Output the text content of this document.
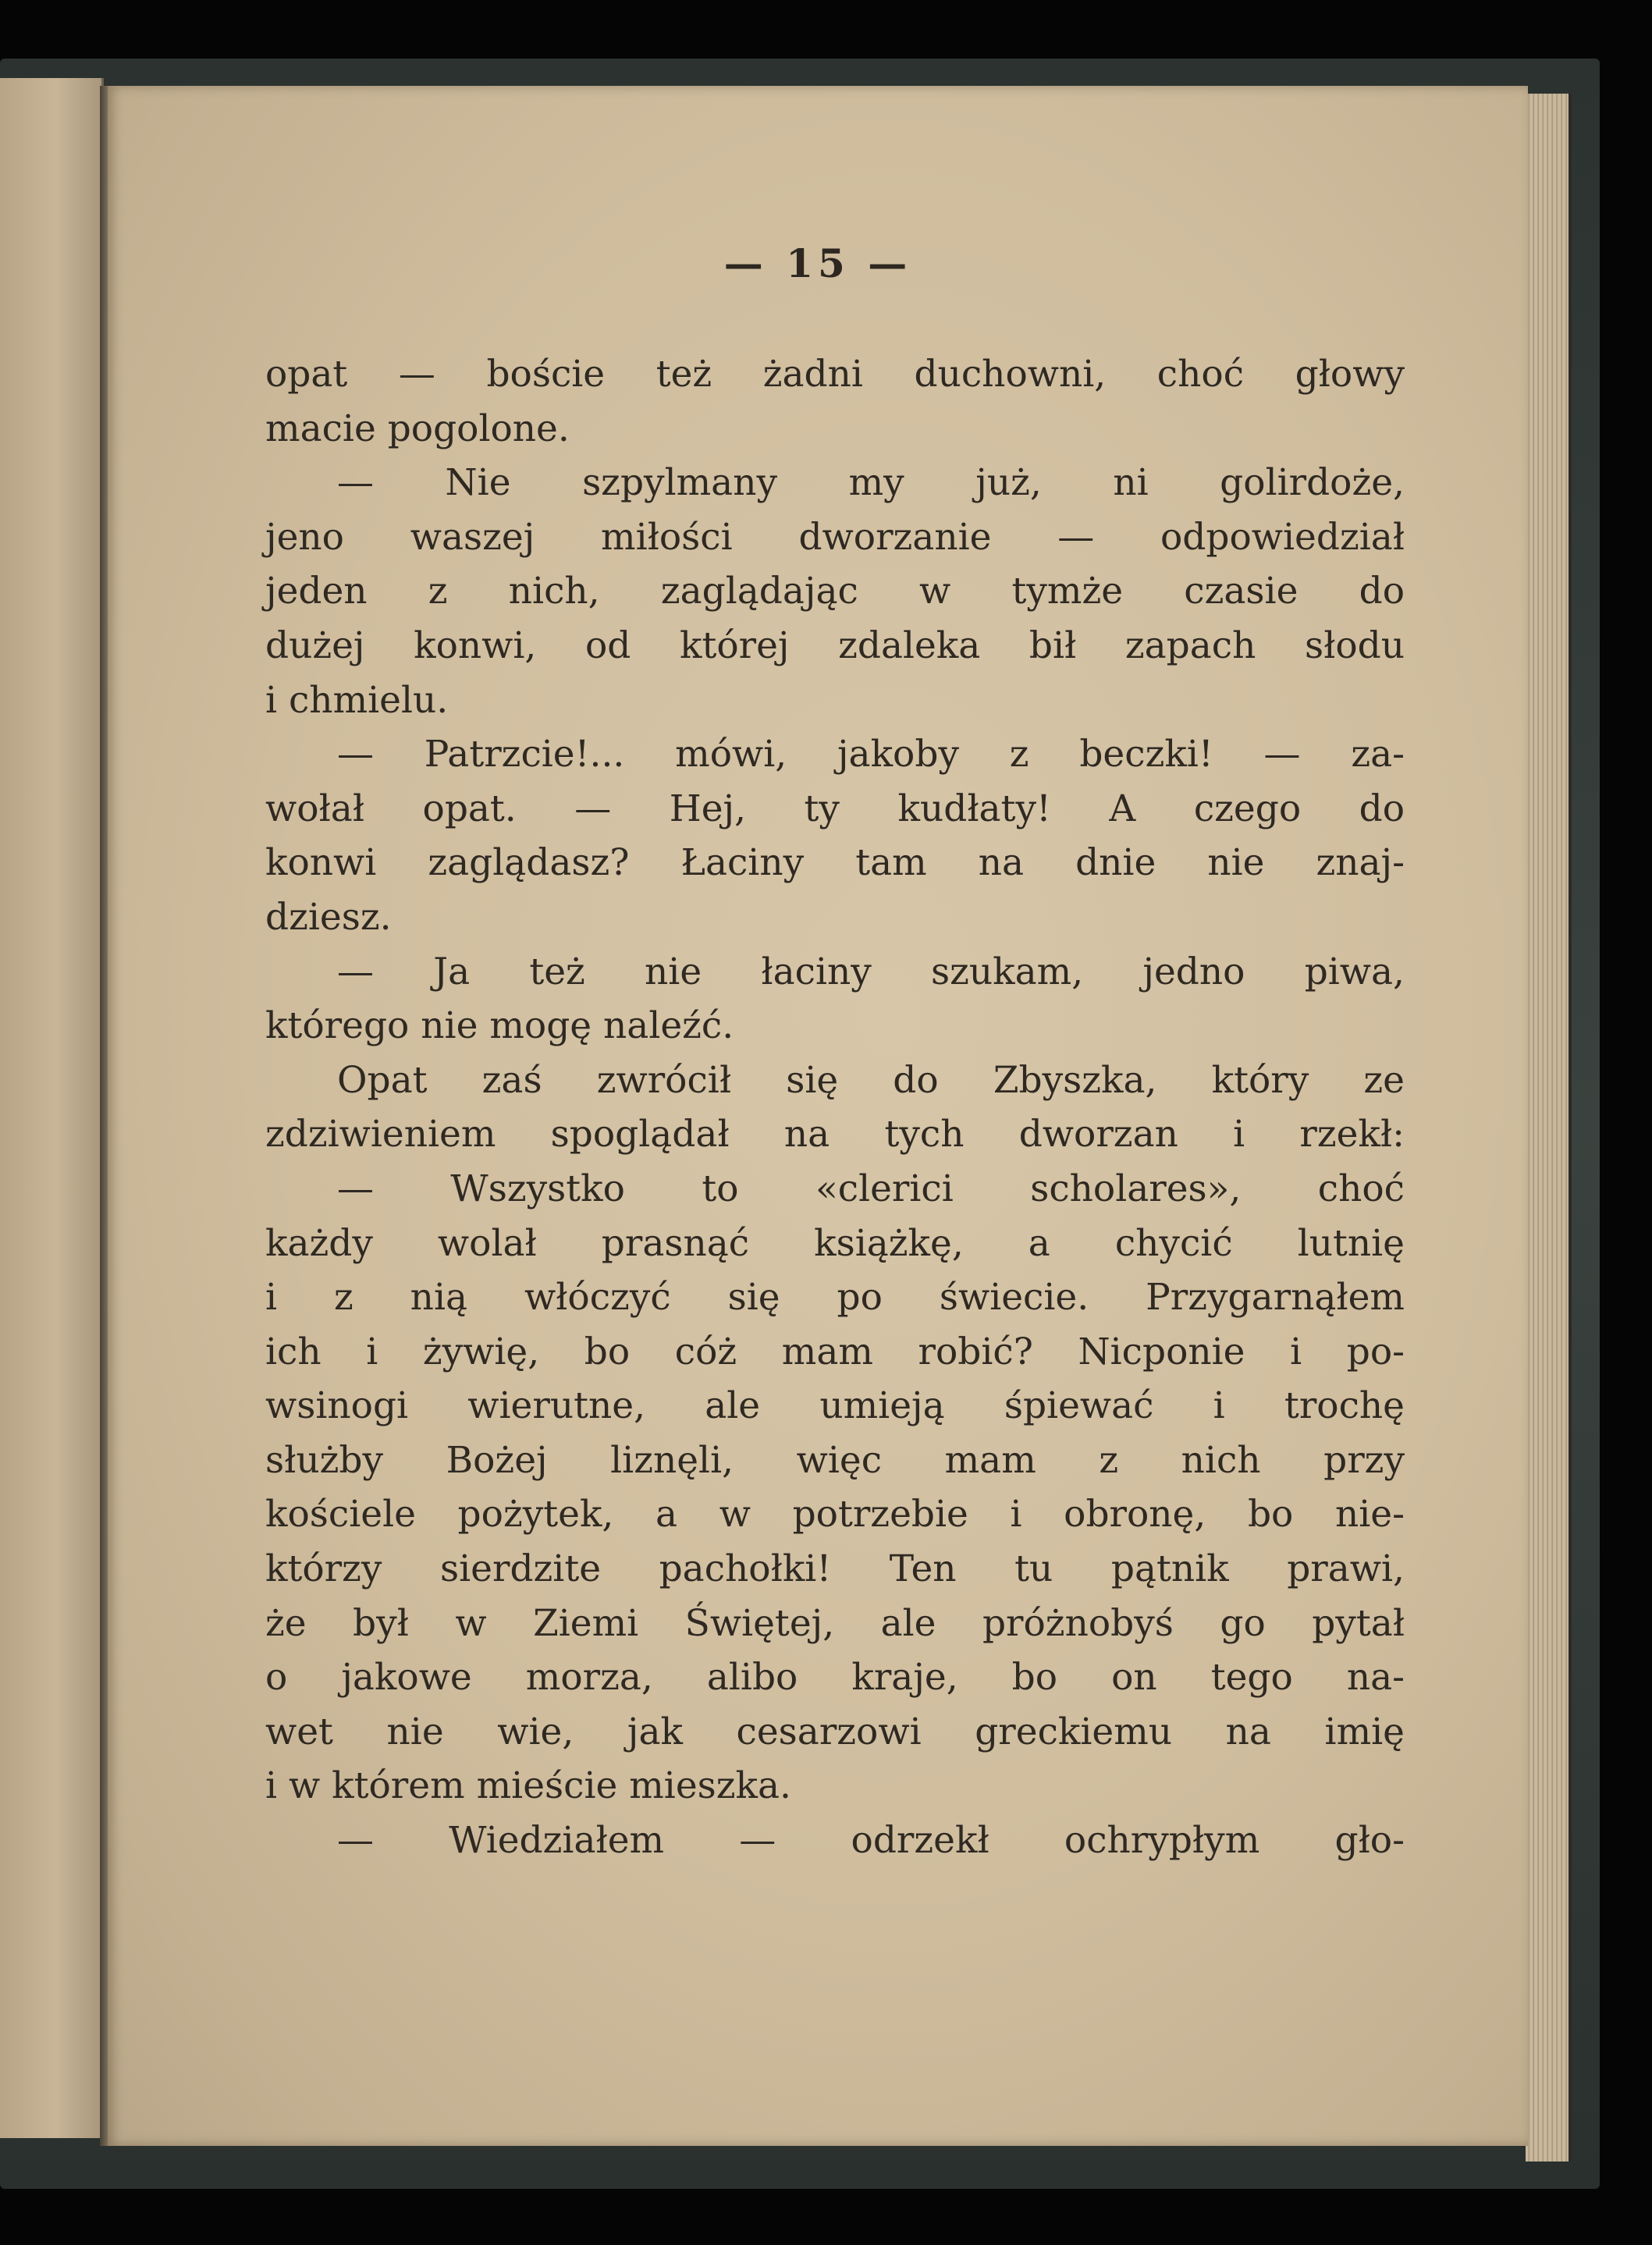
— 15 —
opat — boście też żadni duchowni, choć głowy
macie pogolone.
— Nie szpylmany my już, ni golirdoże,
jeno waszej miłości dworzanie — odpowiedział
jeden z nich, zaglądając w tymże czasie do
dużej konwi, od której zdaleka bił zapach słodu
i chmielu.
— Patrzcie!... mówi, jakoby z beczki! — za-
wołał opat. — Hej, ty kudłaty! A czego do
konwi zaglądasz? Łaciny tam na dnie nie znaj-
dziesz.
— Ja też nie łaciny szukam, jedno piwa,
którego nie mogę naleźć.
Opat zaś zwrócił się do Zbyszka, który ze
zdziwieniem spoglądał na tych dworzan i rzekł:
— Wszystko to «clerici scholares», choć
każdy wolał prasnąć książkę, a chycić lutnię
i z nią włóczyć się po świecie. Przygarnąłem
ich i żywię, bo cóż mam robić? Nicponie i po-
wsinogi wierutne, ale umieją śpiewać i trochę
służby Bożej liznęli, więc mam z nich przy
kościele pożytek, a w potrzebie i obronę, bo nie-
którzy sierdzite pachołki! Ten tu pątnik prawi,
że był w Ziemi Świętej, ale próżnobyś go pytał
o jakowe morza, alibo kraje, bo on tego na-
wet nie wie, jak cesarzowi greckiemu na imię
i w którem mieście mieszka.
— Wiedziałem — odrzekł ochrypłym gło-
